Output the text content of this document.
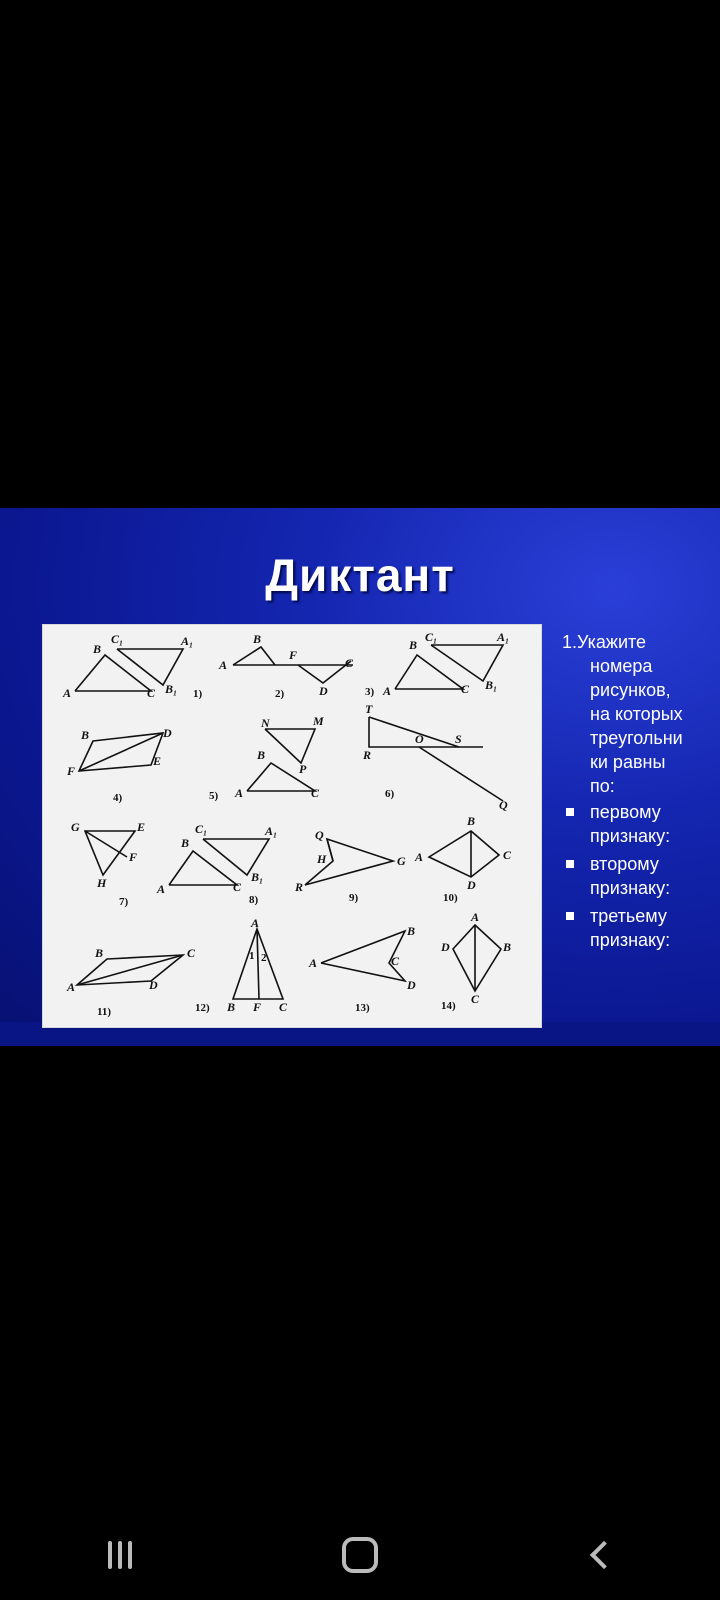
Диктант
A
B
C
C₁	A₁
B₁
A
B
F
D
C
A
B
C
C₁	A₁
B₁
B	D
F
E
N	M
P
B
A	C
T
R
O	S
Q
G	E
F
H	A
B
C
C₁	A₁
B₁
Q
H	G
R
A
B
C
D
B	C
A	D
A
1 2
B F C
A
B
C
D
A
B
C
D
1)	2)	3)
4)	5)	6)
7)	8)	9)	10)
11)	12)	13)	14)

1.Укажите
номера
рисунков,
на которых
треугольни
ки равны
по:

первому признаку:
второму признаку:
третьему признаку:
